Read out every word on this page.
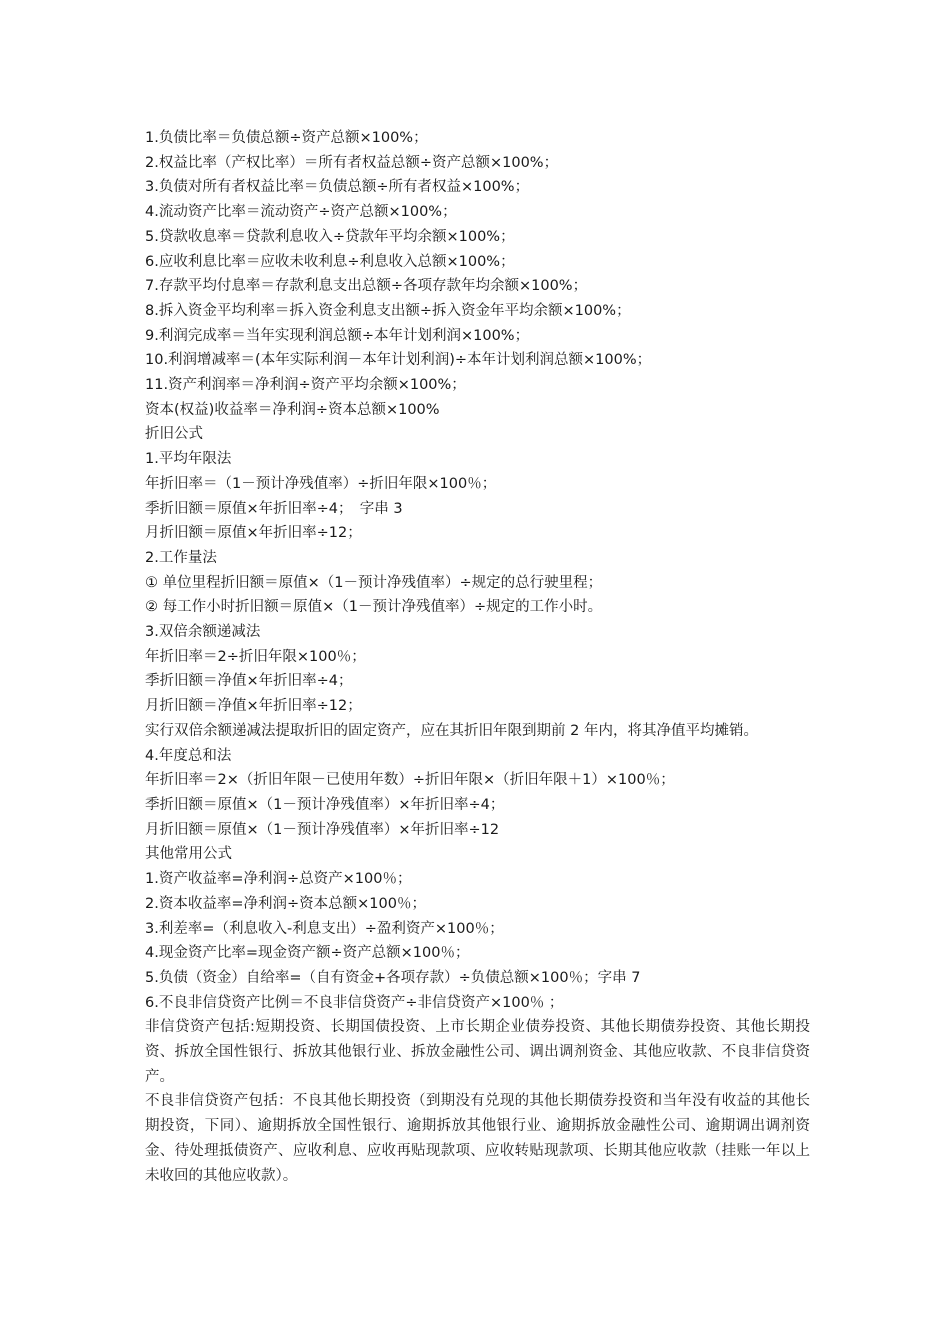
1.负债比率＝负债总额÷资产总额×100%；
2.权益比率（产权比率）＝所有者权益总额÷资产总额×100%；
3.负债对所有者权益比率＝负债总额÷所有者权益×100%；
4.流动资产比率＝流动资产÷资产总额×100%；
5.贷款收息率＝贷款利息收入÷贷款年平均余额×100%；
6.应收利息比率＝应收未收利息÷利息收入总额×100%；
7.存款平均付息率＝存款利息支出总额÷各项存款年均余额×100%；
8.拆入资金平均利率＝拆入资金利息支出额÷拆入资金年平均余额×100%；
9.利润完成率＝当年实现利润总额÷本年计划利润×100%；
10.利润增减率＝(本年实际利润－本年计划利润)÷本年计划利润总额×100%；
11.资产利润率＝净利润÷资产平均余额×100%；
资本(权益)收益率＝净利润÷资本总额×100%
折旧公式
1.平均年限法
年折旧率＝（1－预计净残值率）÷折旧年限×100％；
季折旧额＝原值×年折旧率÷4；　字串 3
月折旧额＝原值×年折旧率÷12；
2.工作量法
① 单位里程折旧额＝原值×（1－预计净残值率）÷规定的总行驶里程；
② 每工作小时折旧额＝原值×（1－预计净残值率）÷规定的工作小时。
3.双倍余额递减法
年折旧率＝2÷折旧年限×100％；
季折旧额＝净值×年折旧率÷4；
月折旧额＝净值×年折旧率÷12；
实行双倍余额递减法提取折旧的固定资产，应在其折旧年限到期前 2 年内，将其净值平均摊销。
4.年度总和法
年折旧率＝2×（折旧年限－已使用年数）÷折旧年限×（折旧年限＋1）×100％；
季折旧额＝原值×（1－预计净残值率）×年折旧率÷4；
月折旧额＝原值×（1－预计净残值率）×年折旧率÷12
其他常用公式
1.资产收益率=净利润÷总资产×100％；
2.资本收益率=净利润÷资本总额×100％；
3.利差率=（利息收入-利息支出）÷盈利资产×100％；
4.现金资产比率=现金资产额÷资产总额×100％；
5.负债（资金）自给率=（自有资金+各项存款）÷负债总额×100％；字串 7
6.不良非信贷资产比例＝不良非信贷资产÷非信贷资产×100％ ；
非信贷资产包括:短期投资、长期国债投资、上市长期企业债券投资、其他长期债券投资、其他长期投资、拆放全国性银行、拆放其他银行业、拆放金融性公司、调出调剂资金、其他应收款、不良非信贷资产。
不良非信贷资产包括：不良其他长期投资（到期没有兑现的其他长期债券投资和当年没有收益的其他长期投资，下同）、逾期拆放全国性银行、逾期拆放其他银行业、逾期拆放金融性公司、逾期调出调剂资金、待处理抵债资产、应收利息、应收再贴现款项、应收转贴现款项、长期其他应收款（挂账一年以上未收回的其他应收款）。
